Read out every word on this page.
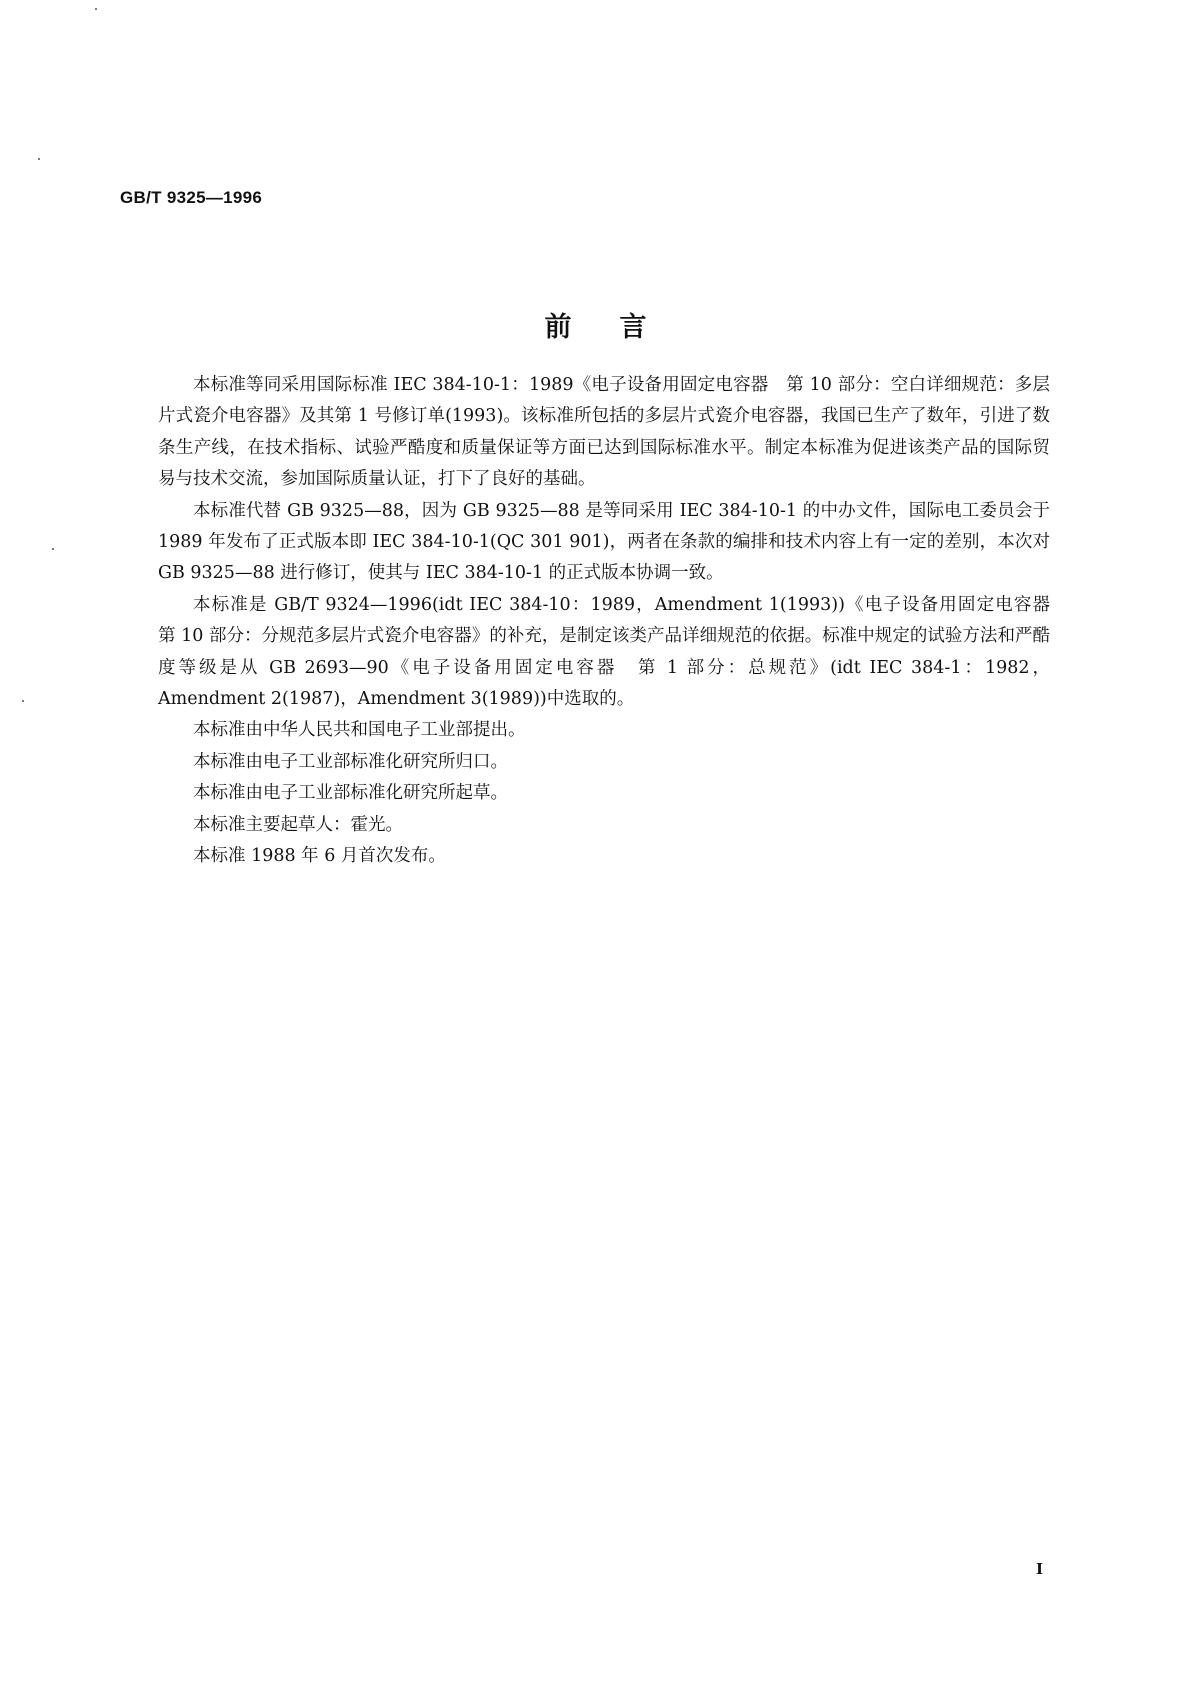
GB/T 9325—1996
前言

本标准等同采用国际标准 IEC 384-10-1：1989《电子设备用固定电容器　第 10 部分：空白详细规范：多层片式瓷介电容器》及其第 1 号修订单(1993)。该标准所包括的多层片式瓷介电容器，我国已生产了数年，引进了数条生产线，在技术指标、试验严酷度和质量保证等方面已达到国际标准水平。制定本标准为促进该类产品的国际贸易与技术交流，参加国际质量认证，打下了良好的基础。

本标准代替 GB 9325—88，因为 GB 9325—88 是等同采用 IEC 384-10-1 的中办文件，国际电工委员会于 1989 年发布了正式版本即 IEC 384-10-1(QC 301 901)，两者在条款的编排和技术内容上有一定的差别，本次对 GB 9325—88 进行修订，使其与 IEC 384-10-1 的正式版本协调一致。

本标准是 GB/T 9324—1996(idt IEC 384-10：1989，Amendment 1(1993))《电子设备用固定电容器　第 10 部分：分规范多层片式瓷介电容器》的补充，是制定该类产品详细规范的依据。标准中规定的试验方法和严酷度等级是从 GB 2693—90《电子设备用固定电容器　第 1 部分：总规范》(idt IEC 384-1：1982，Amendment 2(1987)，Amendment 3(1989))中选取的。

本标准由中华人民共和国电子工业部提出。

本标准由电子工业部标准化研究所归口。

本标准由电子工业部标准化研究所起草。

本标准主要起草人：霍光。

本标准 1988 年 6 月首次发布。

I
